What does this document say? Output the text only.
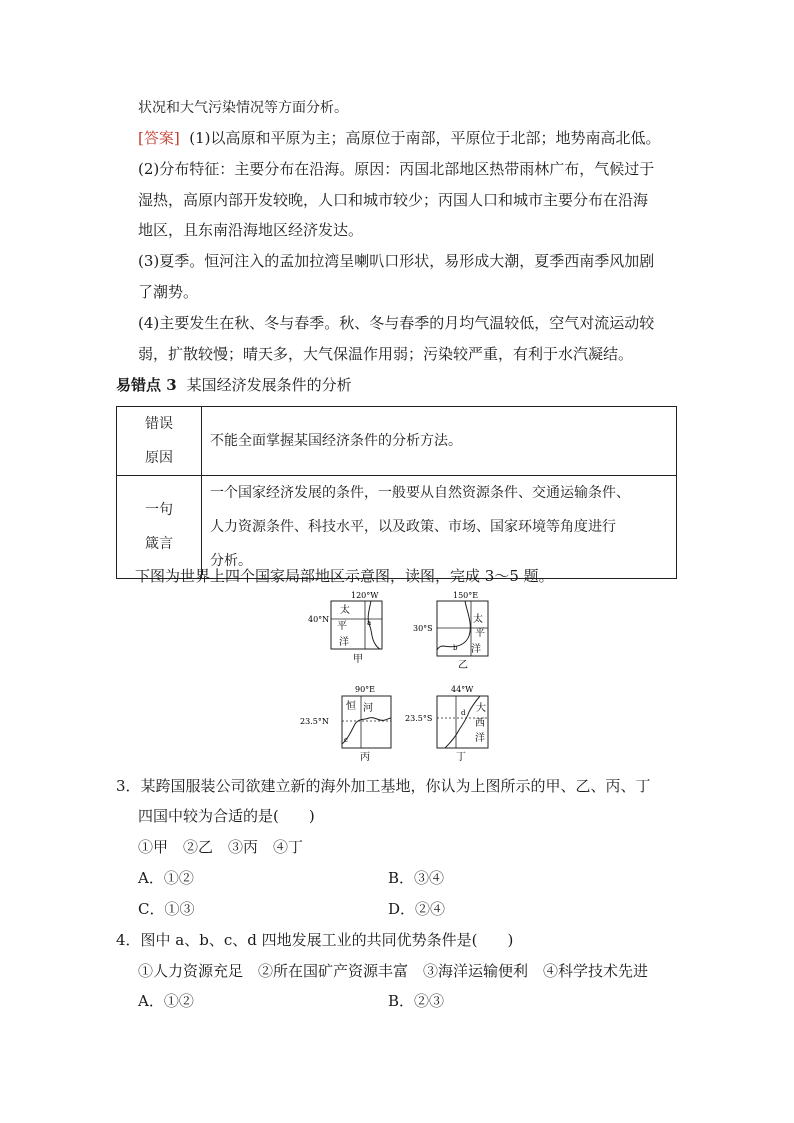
状况和大气污染情况等方面分析。
[答案] (1)以高原和平原为主；高原位于南部，平原位于北部；地势南高北低。
(2)分布特征：主要分布在沿海。原因：丙国北部地区热带雨林广布，气候过于
湿热，高原内部开发较晚，人口和城市较少；丙国人口和城市主要分布在沿海
地区，且东南沿海地区经济发达。
(3)夏季。恒河注入的孟加拉湾呈喇叭口形状，易形成大潮，夏季西南季风加剧
了潮势。
(4)主要发生在秋、冬与春季。秋、冬与春季的月均气温较低，空气对流运动较
弱，扩散较慢；晴天多，大气保温作用弱；污染较严重，有利于水汽凝结。
易错点 3 某国经济发展条件的分析
错误
原因	不能全面掌握某国经济条件的分析方法。
一句
箴言	一个国家经济发展的条件，一般要从自然资源条件、交通运输条件、
人力资源条件、科技水平，以及政策、市场、国家环境等角度进行
分析。
下图为世界上四个国家局部地区示意图，读图，完成 3～5 题。
120°W
40°N
太
平
洋
a
甲
150°E
30°S
太
平
洋
b
乙
90°E
23.5°N
恒 河
c
丙
44°W
23.5°S
大
西
洋
d
丁
3．某跨国服装公司欲建立新的海外加工基地，你认为上图所示的甲、乙、丙、丁
四国中较为合适的是(　　)
①甲　②乙　③丙　④丁
A．①②	B．③④
C．①③	D．②④
4．图中 a、b、c、d 四地发展工业的共同优势条件是(　　)
①人力资源充足　②所在国矿产资源丰富　③海洋运输便利　④科学技术先进
A．①②	B．②③
